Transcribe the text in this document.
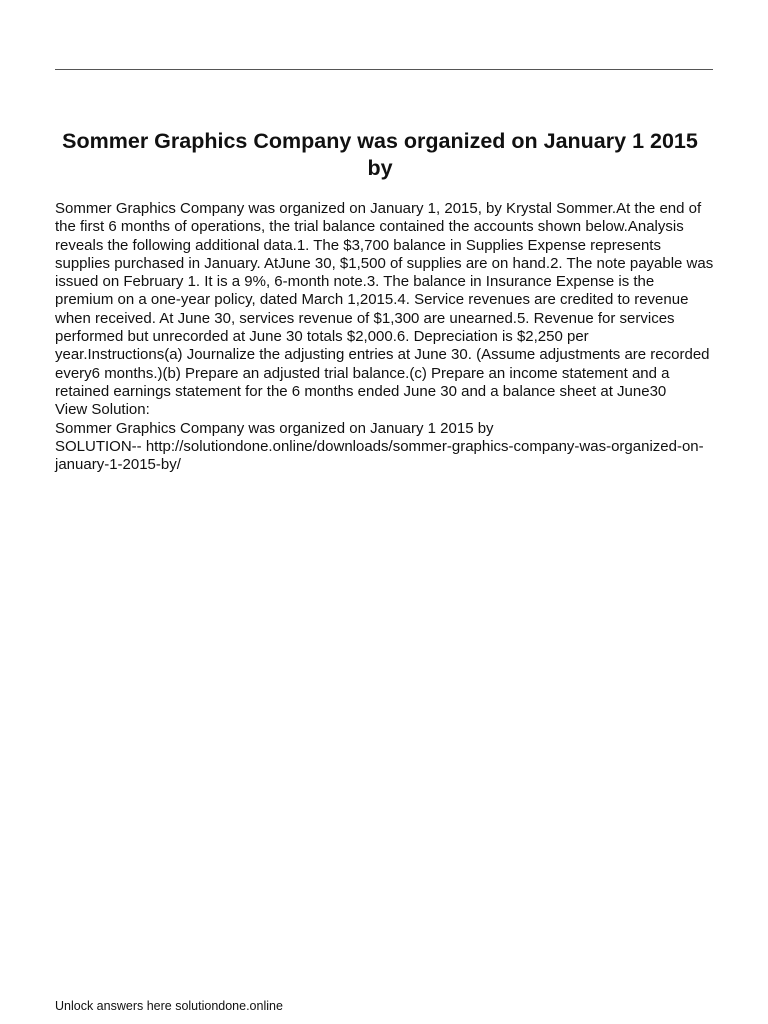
Sommer Graphics Company was organized on January 1 2015 by

Sommer Graphics Company was organized on January 1, 2015, by Krystal Sommer.At the end of the first 6 months of operations, the trial balance contained the accounts shown below.Analysis reveals the following additional data.1. The $3,700 balance in Supplies Expense represents supplies purchased in January. AtJune 30, $1,500 of supplies are on hand.2. The note payable was issued on February 1. It is a 9%, 6-month note.3. The balance in Insurance Expense is the premium on a one-year policy, dated March 1,2015.4. Service revenues are credited to revenue when received. At June 30, services revenue of $1,300 are unearned.5. Revenue for services performed but unrecorded at June 30 totals $2,000.6. Depreciation is $2,250 per year.Instructions(a) Journalize the adjusting entries at June 30. (Assume adjustments are recorded every6 months.)(b) Prepare an adjusted trial balance.(c) Prepare an income statement and a retained earnings statement for the 6 months ended June 30 and a balance sheet at June30

View Solution:

Sommer Graphics Company was organized on January 1 2015 by

SOLUTION-- http://solutiondone.online/downloads/sommer-graphics-company-was-organized-on-january-1-2015-by/

Unlock answers here solutiondone.online
